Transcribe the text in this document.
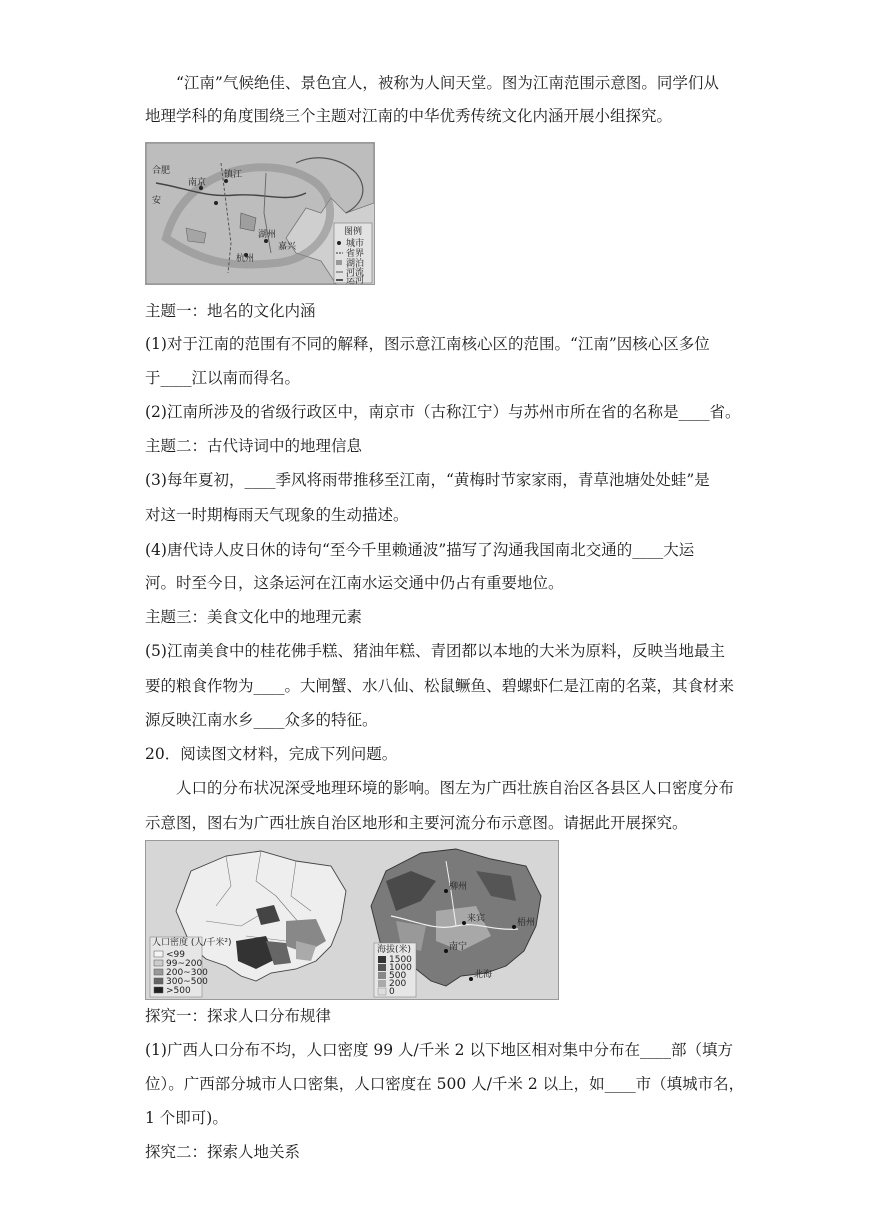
“江南”气候绝佳、景色宜人，被称为人间天堂。图为江南范围示意图。同学们从
地理学科的角度围绕三个主题对江南的中华优秀传统文化内涵开展小组探究。
南京
镇江
杭州
湖州
嘉兴
合肥
安
图例
城市
省界
湖泊
河流
运河
主题一：地名的文化内涵
(1)对于江南的范围有不同的解释，图示意江南核心区的范围。“江南”因核心区多位
于____江以南而得名。
(2)江南所涉及的省级行政区中，南京市（古称江宁）与苏州市所在省的名称是____省。
主题二：古代诗词中的地理信息
(3)每年夏初，____季风将雨带推移至江南，“黄梅时节家家雨，青草池塘处处蛙”是
对这一时期梅雨天气现象的生动描述。
(4)唐代诗人皮日休的诗句“至今千里赖通波”描写了沟通我国南北交通的____大运
河。时至今日，这条运河在江南水运交通中仍占有重要地位。
主题三：美食文化中的地理元素
(5)江南美食中的桂花佛手糕、猪油年糕、青团都以本地的大米为原料，反映当地最主
要的粮食作物为____。大闸蟹、水八仙、松鼠鳜鱼、碧螺虾仁是江南的名菜，其食材来
源反映江南水乡____众多的特征。
20．阅读图文材料，完成下列问题。
人口的分布状况深受地理环境的影响。图左为广西壮族自治区各县区人口密度分布
示意图，图右为广西壮族自治区地形和主要河流分布示意图。请据此开展探究。
人口密度 (人/千米²)
<99
99~200
200~300
300~500
>500
柳州
来宾	梧州
南宁
北海
海拔(米)
1500
1000
500
200
0
探究一：探求人口分布规律
(1)广西人口分布不均，人口密度 99 人/千米 2 以下地区相对集中分布在____部（填方
位）。广西部分城市人口密集，人口密度在 500 人/千米 2 以上，如____市（填城市名，
1 个即可)。
探究二：探索人地关系
